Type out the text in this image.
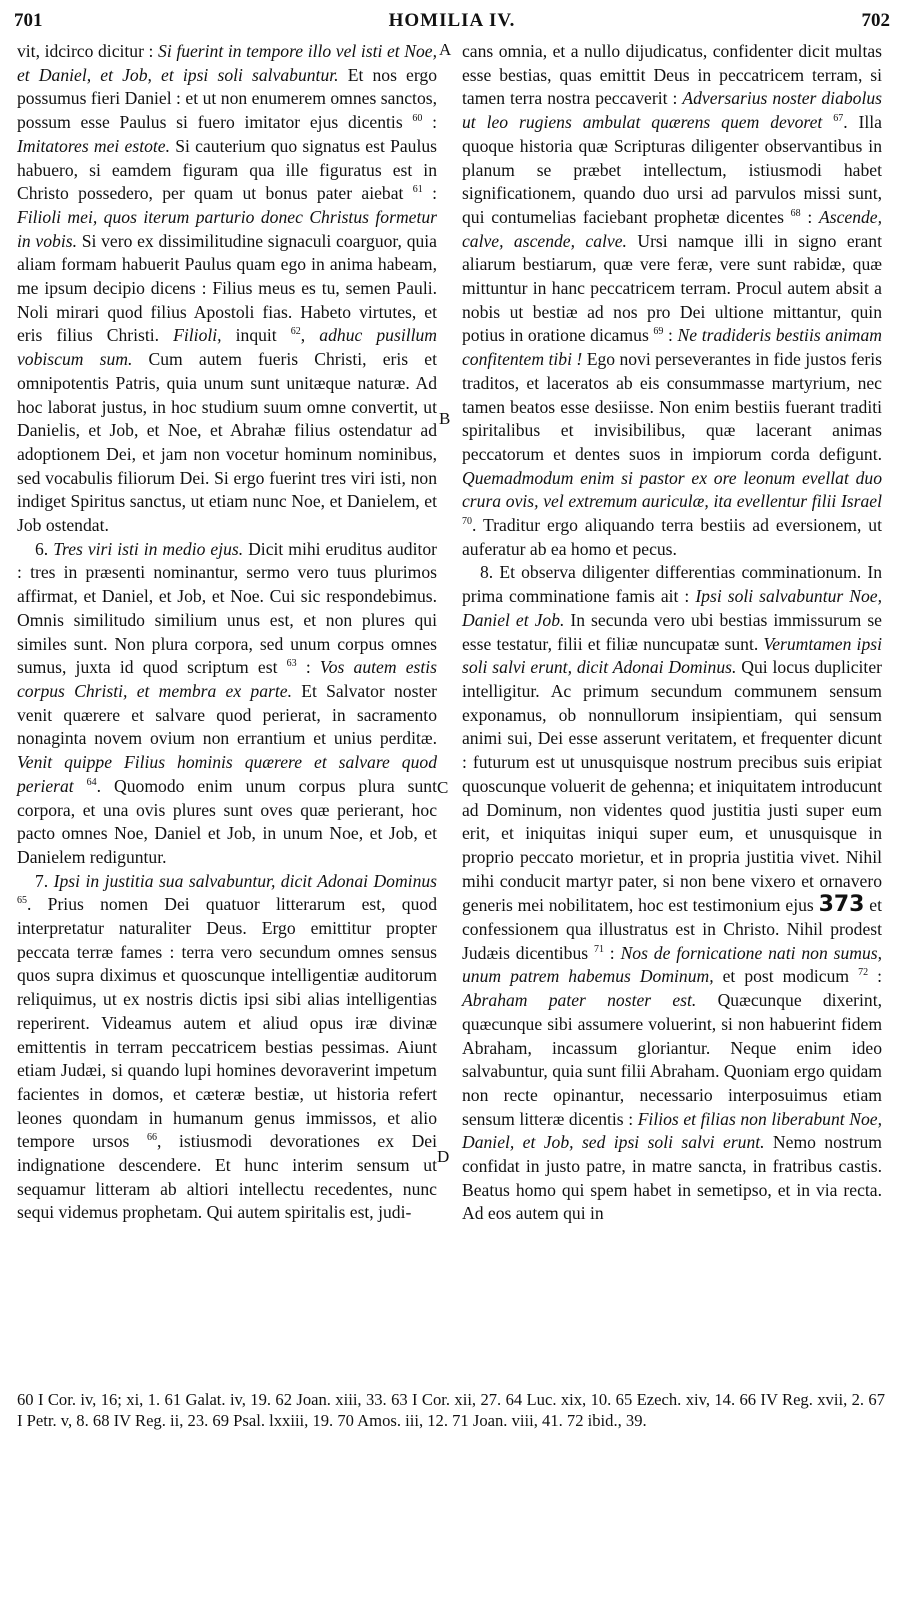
701	HOMILIA IV.	702
A
B
C
D

vit, idcirco dicitur : Si fuerint in tempore illo vel isti et Noe, et Daniel, et Job, et ipsi soli salvabuntur. Et nos ergo possumus fieri Daniel : et ut non enumerem omnes sanctos, possum esse Paulus si fuero imitator ejus dicentis $^{60}$ : Imitatores mei estote. Si cauterium quo signatus est Paulus habuero, si eamdem figuram qua ille figuratus est in Christo possedero, per quam ut bonus pater aiebat $^{61}$ : Filioli mei, quos iterum parturio donec Christus formetur in vobis. Si vero ex dissimilitudine signaculi coarguor, quia aliam formam habuerit Paulus quam ego in anima habeam, me ipsum decipio dicens : Filius meus es tu, semen Pauli. Noli mirari quod filius Apostoli fias. Habeto virtutes, et eris filius Christi. Filioli, inquit $^{62}$, adhuc pusillum vobiscum sum. Cum autem fueris Christi, eris et omnipotentis Patris, quia unum sunt unitæque naturæ. Ad hoc laborat justus, in hoc studium suum omne convertit, ut Danielis, et Job, et Noe, et Abrahæ filius ostendatur ad adoptionem Dei, et jam non vocetur hominum nominibus, sed vocabulis filiorum Dei. Si ergo fuerint tres viri isti, non indiget Spiritus sanctus, ut etiam nunc Noe, et Danielem, et Job ostendat.

6. Tres viri isti in medio ejus. Dicit mihi eruditus auditor : tres in præsenti nominantur, sermo vero tuus plurimos affirmat, et Daniel, et Job, et Noe. Cui sic respondebimus. Omnis similitudo similium unus est, et non plures qui similes sunt. Non plura corpora, sed unum corpus omnes sumus, juxta id quod scriptum est $^{63}$ : Vos autem estis corpus Christi, et membra ex parte. Et Salvator noster venit quærere et salvare quod perierat, in sacramento nonaginta novem ovium non errantium et unius perditæ. Venit quippe Filius hominis quærere et salvare quod perierat $^{64}$. Quomodo enim unum corpus plura sunt corpora, et una ovis plures sunt oves quæ perierant, hoc pacto omnes Noe, Daniel et Job, in unum Noe, et Job, et Danielem rediguntur.

7. Ipsi in justitia sua salvabuntur, dicit Adonai Dominus $^{65}$. Prius nomen Dei quatuor litterarum est, quod interpretatur naturaliter Deus. Ergo emittitur propter peccata terræ fames : terra vero secundum omnes sensus quos supra diximus et quoscunque intelligentiæ auditorum reliquimus, ut ex nostris dictis ipsi sibi alias intelligentias reperirent. Videamus autem et aliud opus iræ divinæ emittentis in terram peccatricem bestias pessimas. Aiunt etiam Judæi, si quando lupi homines devoraverint impetum facientes in domos, et cæteræ bestiæ, ut historia refert leones quondam in humanum genus immissos, et alio tempore ursos $^{66}$, istiusmodi devorationes ex Dei indignatione descendere. Et hunc interim sensum ut sequamur litteram ab altiori intellectu recedentes, nunc sequi videmus prophetam. Qui autem spiritalis est, judi-

cans omnia, et a nullo dijudicatus, confidenter dicit multas esse bestias, quas emittit Deus in peccatricem terram, si tamen terra nostra peccaverit : Adversarius noster diabolus ut leo rugiens ambulat quærens quem devoret $^{67}$. Illa quoque historia quæ Scripturas diligenter observantibus in planum se præbet intellectum, istiusmodi habet significationem, quando duo ursi ad parvulos missi sunt, qui contumelias faciebant prophetæ dicentes $^{68}$ : Ascende, calve, ascende, calve. Ursi namque illi in signo erant aliarum bestiarum, quæ vere feræ, vere sunt rabidæ, quæ mittuntur in hanc peccatricem terram. Procul autem absit a nobis ut bestiæ ad nos pro Dei ultione mittantur, quin potius in oratione dicamus $^{69}$ : Ne tradideris bestiis animam confitentem tibi ! Ego novi perseverantes in fide justos feris traditos, et laceratos ab eis consummasse martyrium, nec tamen beatos esse desiisse. Non enim bestiis fuerant traditi spiritalibus et invisibilibus, quæ lacerant animas peccatorum et dentes suos in impiorum corda defigunt. Quemadmodum enim si pastor ex ore leonum evellat duo crura ovis, vel extremum auriculæ, ita evellentur filii Israel $^{70}$. Traditur ergo aliquando terra bestiis ad eversionem, ut auferatur ab ea homo et pecus.

8. Et observa diligenter differentias comminationum. In prima comminatione famis ait : Ipsi soli salvabuntur Noe, Daniel et Job. In secunda vero ubi bestias immissurum se esse testatur, filii et filiæ nuncupatæ sunt. Verumtamen ipsi soli salvi erunt, dicit Adonai Dominus. Qui locus dupliciter intelligitur. Ac primum secundum communem sensum exponamus, ob nonnullorum insipientiam, qui sensum animi sui, Dei esse asserunt veritatem, et frequenter dicunt : futurum est ut unusquisque nostrum precibus suis eripiat quoscunque voluerit de gehenna; et iniquitatem introducunt ad Dominum, non videntes quod justitia justi super eum erit, et iniquitas iniqui super eum, et unusquisque in proprio peccato morietur, et in propria justitia vivet. Nihil mihi conducit martyr pater, si non bene vixero et ornavero generis mei nobilitatem, hoc est testimonium ejus 373 et confessionem qua illustratus est in Christo. Nihil prodest Judæis dicentibus $^{71}$ : Nos de fornicatione nati non sumus, unum patrem habemus Dominum, et post modicum $^{72}$ : Abraham pater noster est. Quæcunque dixerint, quæcunque sibi assumere voluerint, si non habuerint fidem Abraham, incassum gloriantur. Neque enim ideo salvabuntur, quia sunt filii Abraham. Quoniam ergo quidam non recte opinantur, necessario interposuimus etiam sensum litteræ dicentis : Filios et filias non liberabunt Noe, Daniel, et Job, sed ipsi soli salvi erunt. Nemo nostrum confidat in justo patre, in matre sancta, in fratribus castis. Beatus homo qui spem habet in semetipso, et in via recta. Ad eos autem qui in

60 I Cor. iv, 16; xi, 1. 61 Galat. iv, 19. 62 Joan. xiii, 33. 63 I Cor. xii, 27. 64 Luc. xix, 10. 65 Ezech. xiv, 14. 66 IV Reg. xvii, 2. 67 I Petr. v, 8. 68 IV Reg. ii, 23. 69 Psal. lxxiii, 19. 70 Amos. iii, 12. 71 Joan. viii, 41. 72 ibid., 39.
